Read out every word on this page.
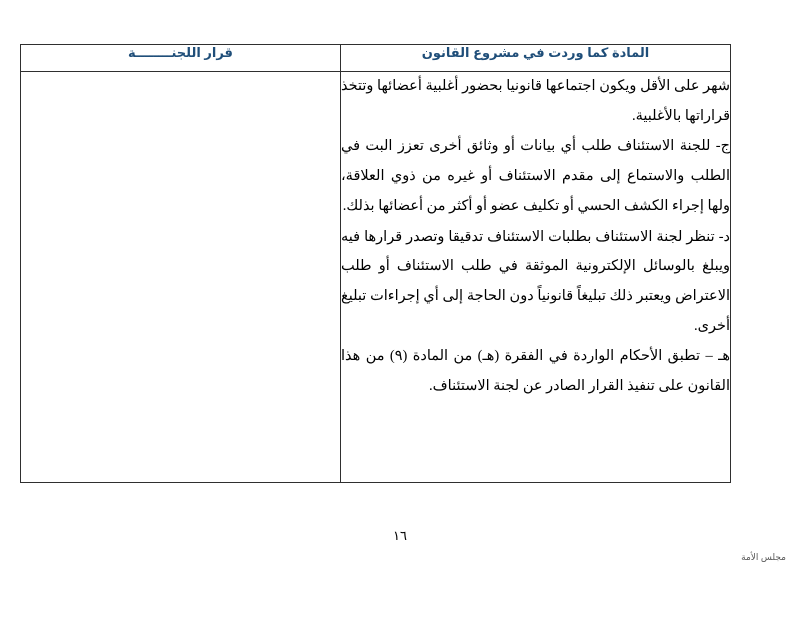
المادة كما وردت في مشروع القانون	قرار اللجنــــــــة

شهر على الأقل ويكون اجتماعها قانونيا بحضور أغلبية أعضائها وتتخذ قراراتها بالأغلبية.

ج- للجنة الاستئناف طلب أي بيانات أو وثائق أخرى تعزز البت في الطلب والاستماع إلى مقدم الاستئناف أو غيره من ذوي العلاقة، ولها إجراء الكشف الحسي أو تكليف عضو أو أكثر من أعضائها بذلك.

د- تنظر لجنة الاستئناف بطلبات الاستئناف تدقيقا وتصدر قرارها فيه ويبلغ بالوسائل الإلكترونية الموثقة في طلب الاستئناف أو طلب الاعتراض ويعتبر ذلك تبليغاً قانونياً دون الحاجة إلى أي إجراءات تبليغ أخرى.

هـ – تطبق الأحكام الواردة في الفقرة (هـ) من المادة (٩) من هذا القانون على تنفيذ القرار الصادر عن لجنة الاستئناف.	

١٦
مجلس الأمة
